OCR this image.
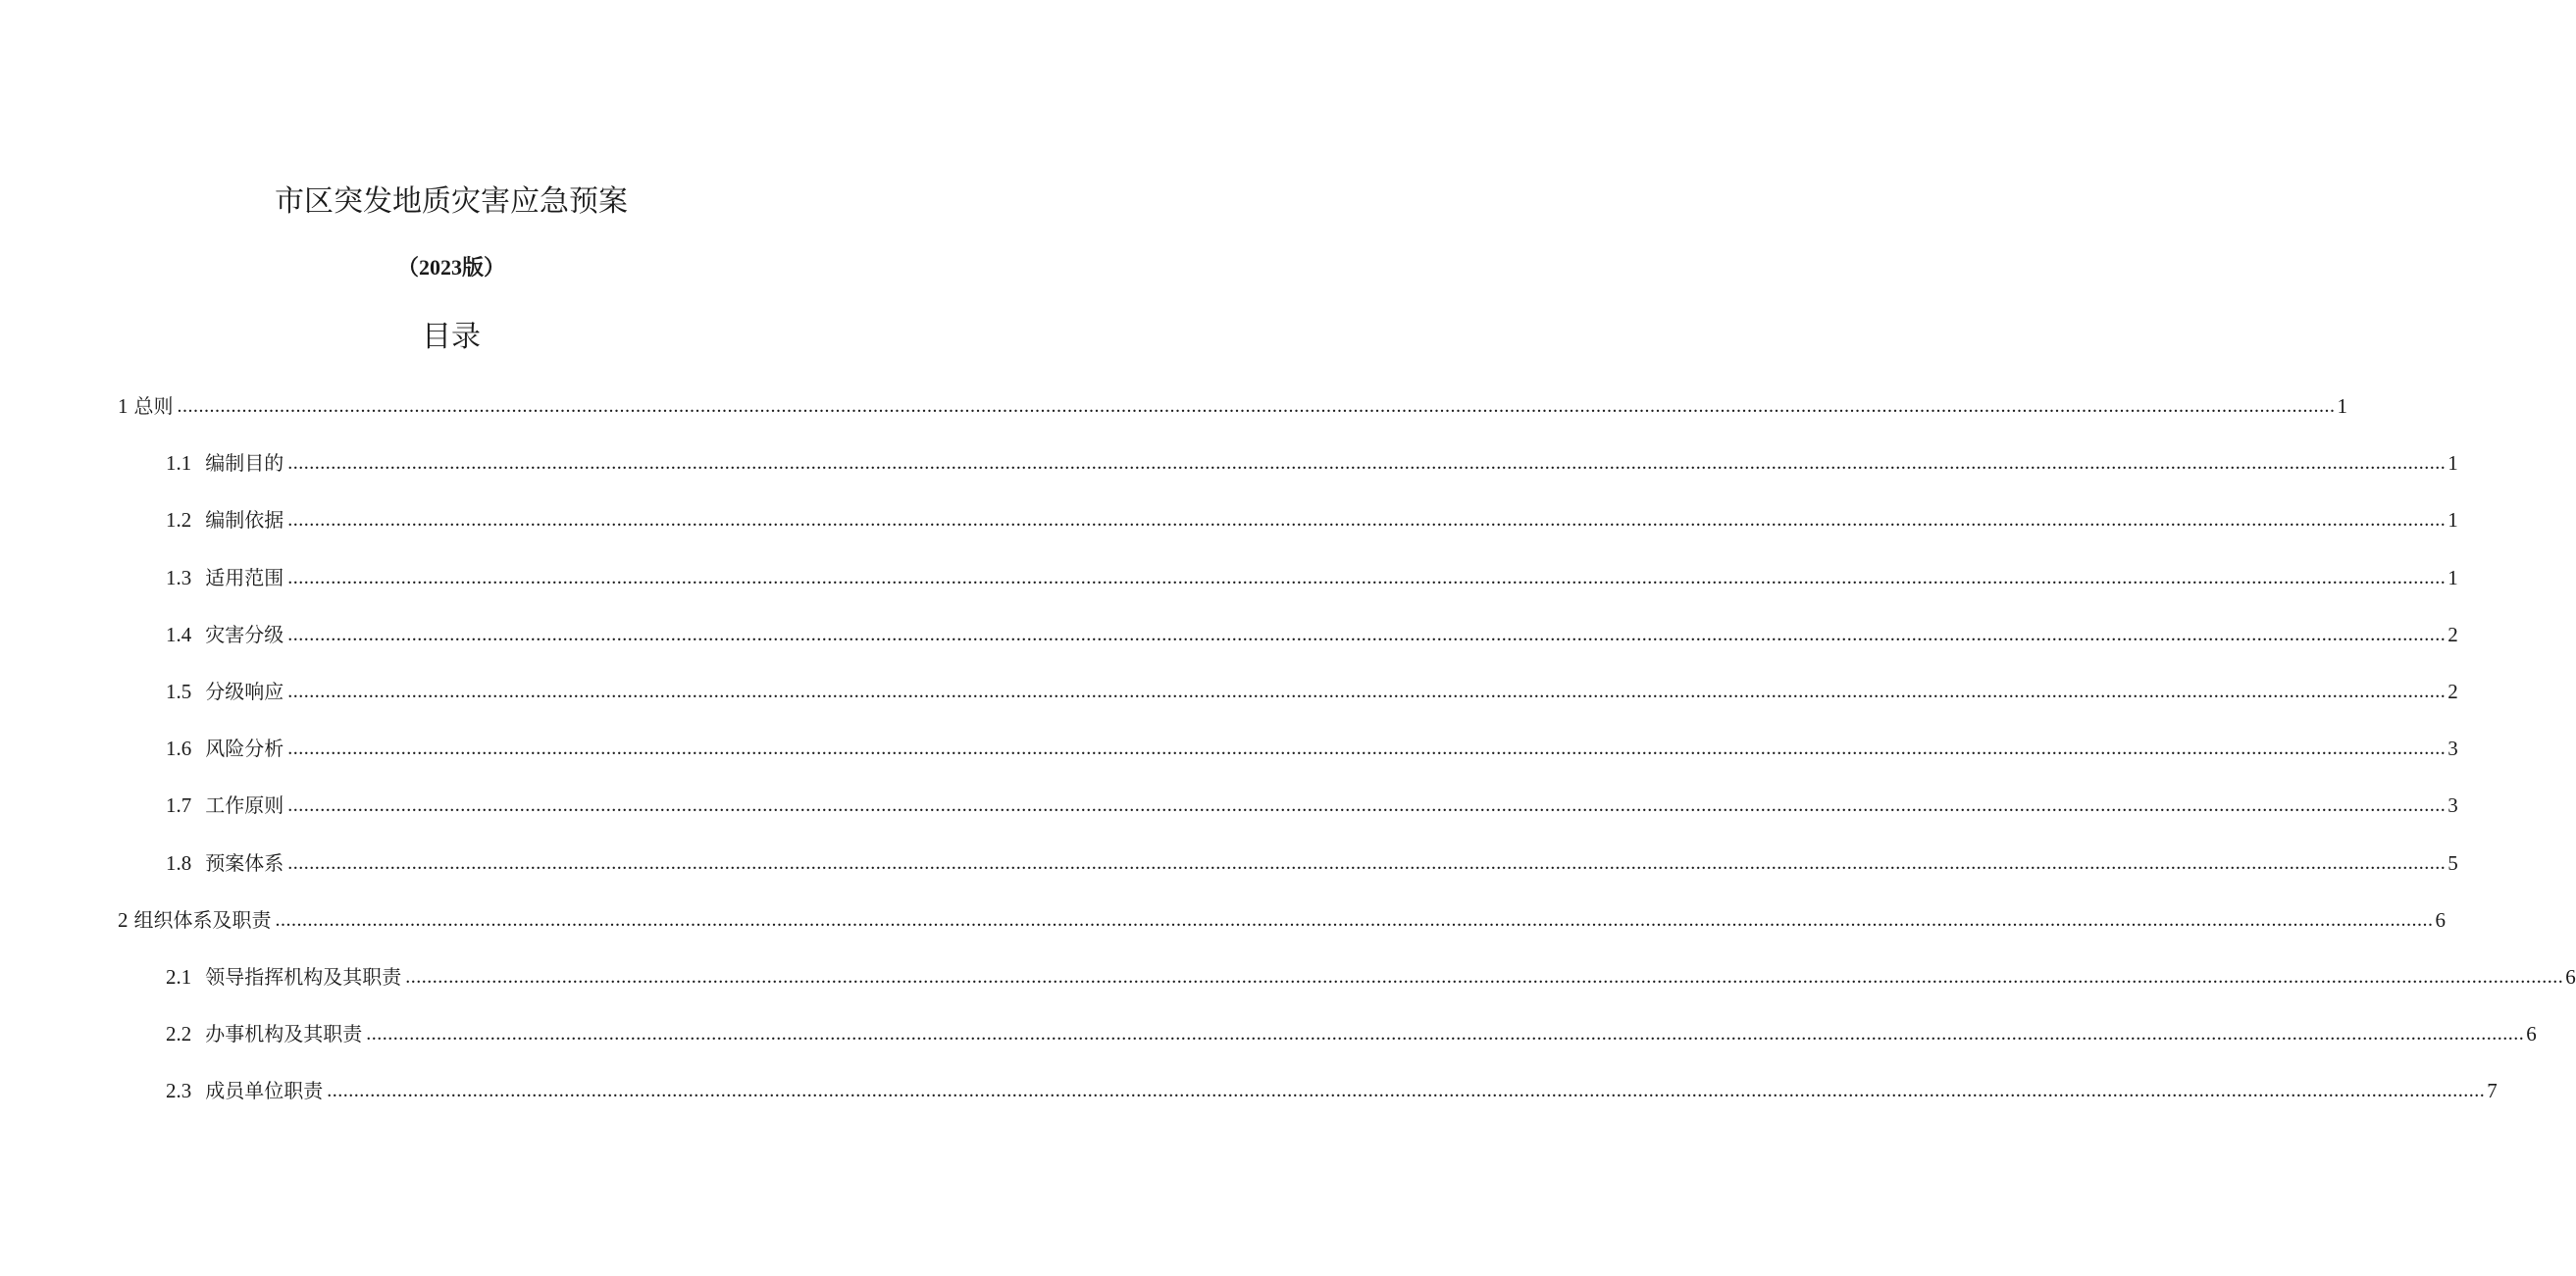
市区突发地质灾害应急预案
（2023版）
目录
1 总则 ................................................................................................................................................................................................................................................................................................................................................................................................................ 1
1.1 编制目的 ................................................................................................................................................................................................................................................................................................................................................................................................................ 1
1.2 编制依据 ................................................................................................................................................................................................................................................................................................................................................................................................................ 1
1.3 适用范围 ................................................................................................................................................................................................................................................................................................................................................................................................................ 1
1.4 灾害分级 ................................................................................................................................................................................................................................................................................................................................................................................................................ 2
1.5 分级响应 ................................................................................................................................................................................................................................................................................................................................................................................................................ 2
1.6 风险分析 ................................................................................................................................................................................................................................................................................................................................................................................................................ 3
1.7 工作原则 ................................................................................................................................................................................................................................................................................................................................................................................................................ 3
1.8 预案体系 ................................................................................................................................................................................................................................................................................................................................................................................................................ 5
2 组织体系及职责 ................................................................................................................................................................................................................................................................................................................................................................................................................ 6
2.1 领导指挥机构及其职责 ................................................................................................................................................................................................................................................................................................................................................................................................................ 6
2.2 办事机构及其职责 ................................................................................................................................................................................................................................................................................................................................................................................................................ 6
2.3 成员单位职责 ................................................................................................................................................................................................................................................................................................................................................................................................................ 7
